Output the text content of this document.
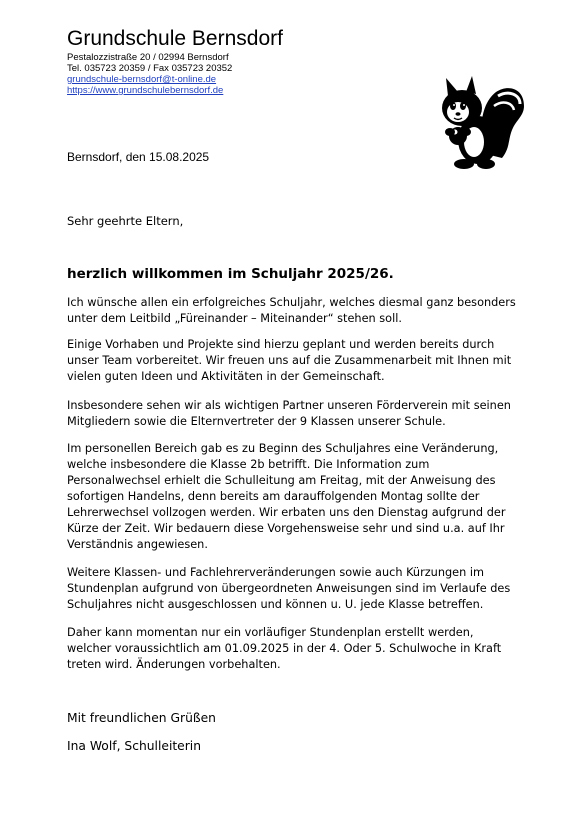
Grundschule Bernsdorf
Pestalozzistraße 20 / 02994 Bernsdorf
Tel. 035723 20359 / Fax 035723 20352
grundschule-bernsdorf@t-online.de
https://www.grundschulebernsdorf.de
Bernsdorf, den 15.08.2025
Sehr geehrte Eltern,
herzlich willkommen im Schuljahr 2025/26.

Ich wünsche allen ein erfolgreiches Schuljahr, welches diesmal ganz besonders

unter dem Leitbild „Füreinander – Miteinander“ stehen soll.

Einige Vorhaben und Projekte sind hierzu geplant und werden bereits durch

unser Team vorbereitet. Wir freuen uns auf die Zusammenarbeit mit Ihnen mit

vielen guten Ideen und Aktivitäten in der Gemeinschaft.

Insbesondere sehen wir als wichtigen Partner unseren Förderverein mit seinen

Mitgliedern sowie die Elternvertreter der 9 Klassen unserer Schule.

Im personellen Bereich gab es zu Beginn des Schuljahres eine Veränderung,

welche insbesondere die Klasse 2b betrifft. Die Information zum

Personalwechsel erhielt die Schulleitung am Freitag, mit der Anweisung des

sofortigen Handelns, denn bereits am darauffolgenden Montag sollte der

Lehrerwechsel vollzogen werden. Wir erbaten uns den Dienstag aufgrund der

Kürze der Zeit. Wir bedauern diese Vorgehensweise sehr und sind u.a. auf Ihr

Verständnis angewiesen.

Weitere Klassen- und Fachlehrerveränderungen sowie auch Kürzungen im

Stundenplan aufgrund von übergeordneten Anweisungen sind im Verlaufe des

Schuljahres nicht ausgeschlossen und können u. U. jede Klasse betreffen.

Daher kann momentan nur ein vorläufiger Stundenplan erstellt werden,

welcher voraussichtlich am 01.09.2025 in der 4. Oder 5. Schulwoche in Kraft

treten wird. Änderungen vorbehalten.

Mit freundlichen Grüßen
Ina Wolf, Schulleiterin
